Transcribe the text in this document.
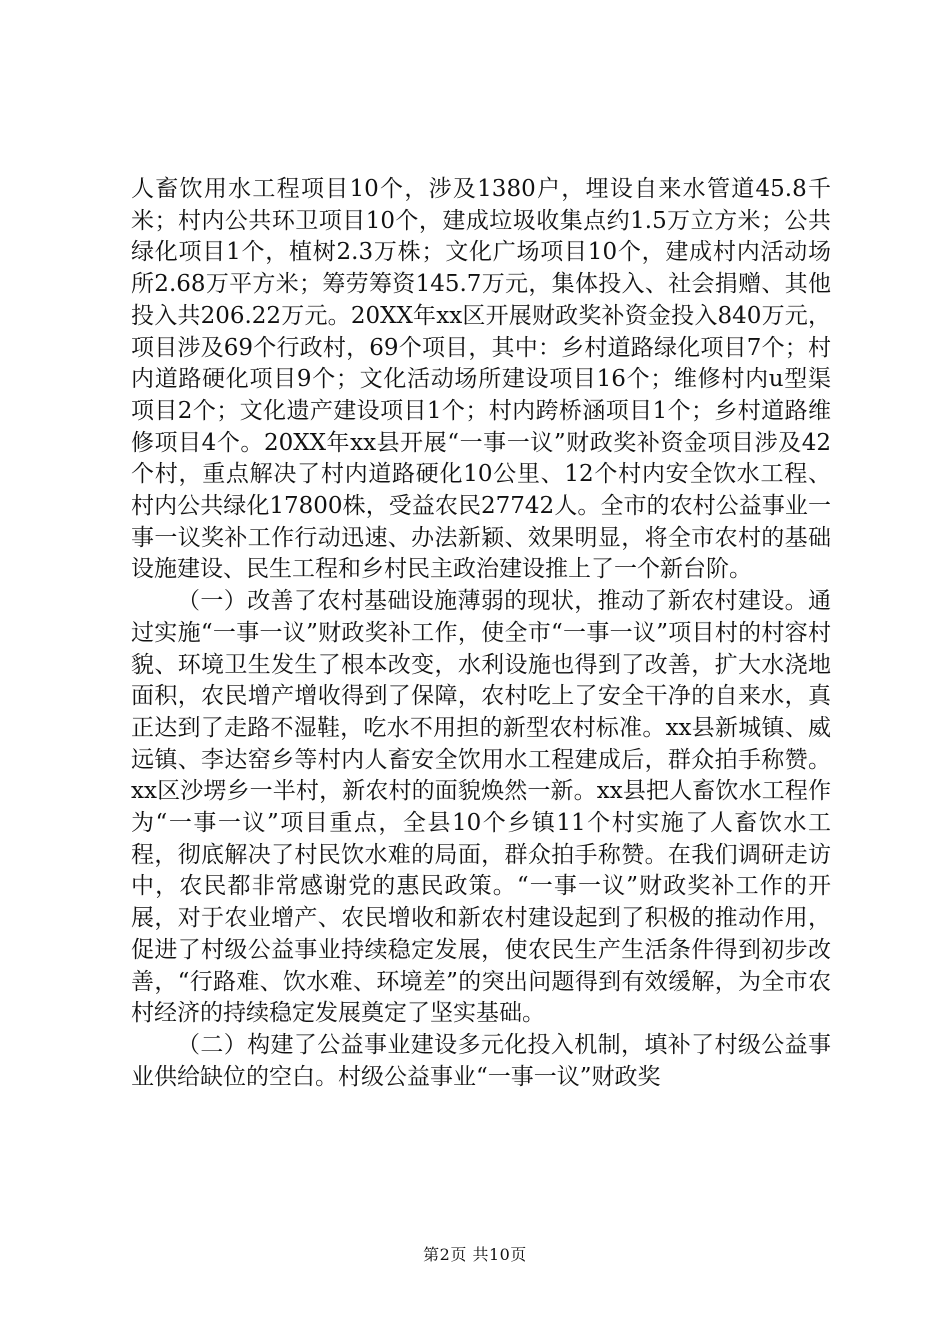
人畜饮用水工程项目10个，涉及1380户，埋设自来水管道45.8千米；村内公共环卫项目10个，建成垃圾收集点约1.5万立方米；公共绿化项目1个，植树2.3万株；文化广场项目10个，建成村内活动场所2.68万平方米；筹劳筹资145.7万元，集体投入、社会捐赠、其他投入共206.22万元。20XX年xx区开展财政奖补资金投入840万元，项目涉及69个行政村，69个项目，其中：乡村道路绿化项目7个；村内道路硬化项目9个；文化活动场所建设项目16个；维修村内u型渠项目2个；文化遗产建设项目1个；村内跨桥涵项目1个；乡村道路维修项目4个。20XX年xx县开展“一事一议”财政奖补资金项目涉及42个村，重点解决了村内道路硬化10公里、12个村内安全饮水工程、村内公共绿化17800株，受益农民27742人。全市的农村公益事业一事一议奖补工作行动迅速、办法新颖、效果明显，将全市农村的基础设施建设、民生工程和乡村民主政治建设推上了一个新台阶。

（一）改善了农村基础设施薄弱的现状，推动了新农村建设。通过实施“一事一议”财政奖补工作，使全市“一事一议”项目村的村容村貌、环境卫生发生了根本改变，水利设施也得到了改善，扩大水浇地面积，农民增产增收得到了保障，农村吃上了安全干净的自来水，真正达到了走路不湿鞋，吃水不用担的新型农村标准。xx县新城镇、威远镇、李达窑乡等村内人畜安全饮用水工程建成后，群众拍手称赞。xx区沙塄乡一半村，新农村的面貌焕然一新。xx县把人畜饮水工程作为“一事一议”项目重点，全县10个乡镇11个村实施了人畜饮水工程，彻底解决了村民饮水难的局面，群众拍手称赞。在我们调研走访中，农民都非常感谢党的惠民政策。“一事一议”财政奖补工作的开展，对于农业增产、农民增收和新农村建设起到了积极的推动作用，促进了村级公益事业持续稳定发展，使农民生产生活条件得到初步改善，“行路难、饮水难、环境差”的突出问题得到有效缓解，为全市农村经济的持续稳定发展奠定了坚实基础。

（二）构建了公益事业建设多元化投入机制，填补了村级公益事业供给缺位的空白。村级公益事业“一事一议”财政奖

第2页 共10页
